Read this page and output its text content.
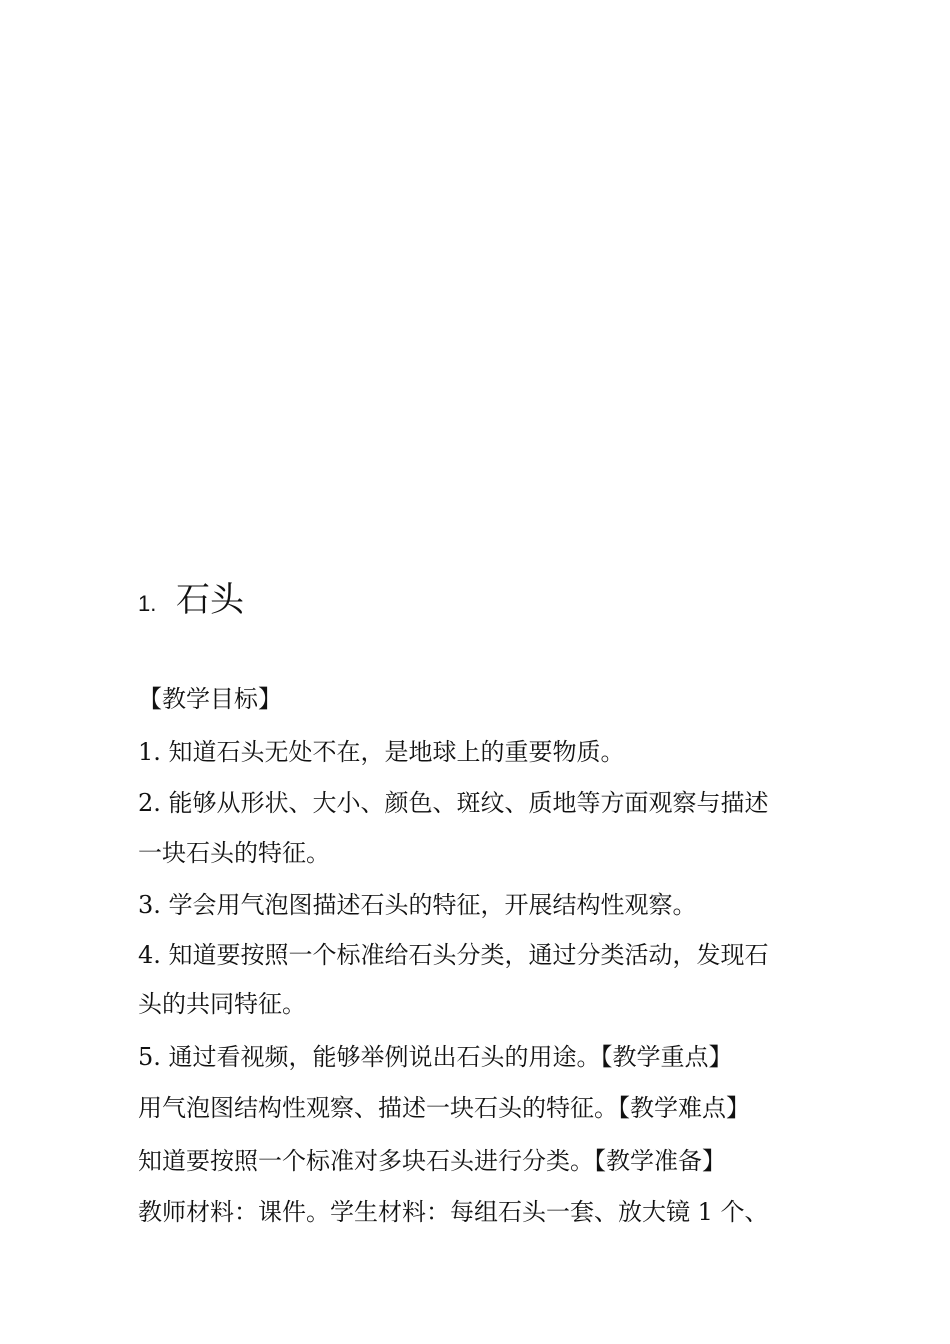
1. 石头
【教学目标】
1. 知道石头无处不在，是地球上的重要物质。
2. 能够从形状、大小、颜色、斑纹、质地等方面观察与描述
一块石头的特征。
3. 学会用气泡图描述石头的特征，开展结构性观察。
4. 知道要按照一个标准给石头分类，通过分类活动，发现石
头的共同特征。
5. 通过看视频，能够举例说出石头的用途。【教学重点】
用气泡图结构性观察、描述一块石头的特征。【教学难点】
知道要按照一个标准对多块石头进行分类。【教学准备】
教师材料：课件。学生材料：每组石头一套、放大镜 1 个、
